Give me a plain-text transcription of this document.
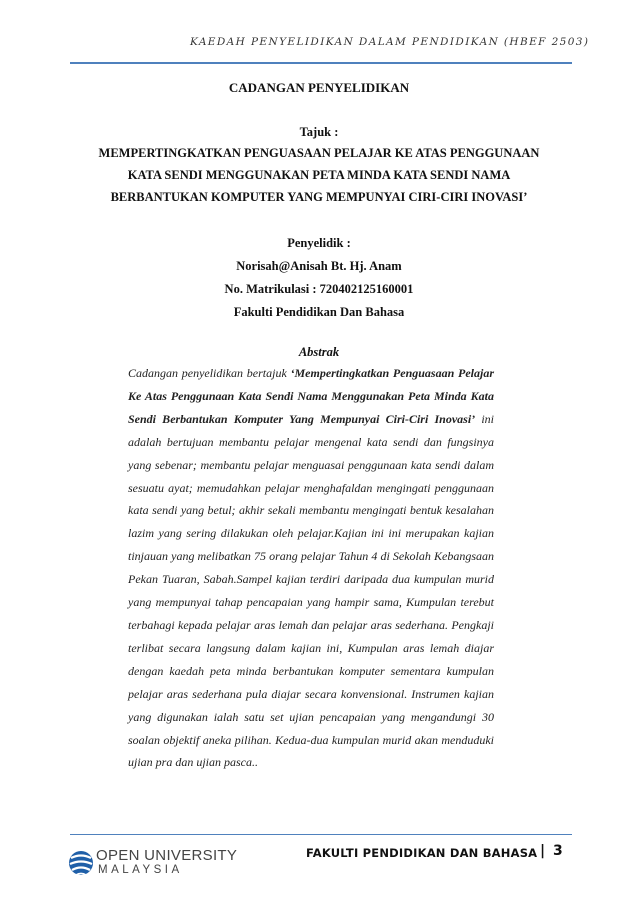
KAEDAH PENYELIDIKAN DALAM PENDIDIKAN (HBEF 2503)
CADANGAN PENYELIDIKAN
Tajuk :
MEMPERTINGKATKAN PENGUASAAN PELAJAR KE ATAS PENGGUNAAN
KATA SENDI MENGGUNAKAN PETA MINDA KATA SENDI NAMA
BERBANTUKAN KOMPUTER YANG MEMPUNYAI CIRI-CIRI INOVASI’
Penyelidik :
Norisah@Anisah Bt. Hj. Anam
No. Matrikulasi : 720402125160001
Fakulti Pendidikan Dan Bahasa
Abstrak
Cadangan penyelidikan bertajuk ‘Mempertingkatkan Penguasaan Pelajar Ke Atas Penggunaan Kata Sendi Nama Menggunakan Peta Minda Kata Sendi Berbantukan Komputer Yang Mempunyai Ciri-Ciri Inovasi’ ini adalah bertujuan membantu pelajar mengenal kata sendi dan fungsinya yang sebenar; membantu pelajar menguasai penggunaan kata sendi dalam sesuatu ayat; memudahkan pelajar menghafaldan mengingati penggunaan kata sendi yang betul; akhir sekali membantu mengingati bentuk kesalahan lazim yang sering dilakukan oleh pelajar.Kajian ini ini merupakan kajian tinjauan yang melibatkan 75 orang pelajar Tahun 4 di Sekolah Kebangsaan Pekan Tuaran, Sabah.Sampel kajian terdiri daripada dua kumpulan murid yang mempunyai tahap pencapaian yang hampir sama, Kumpulan terebut terbahagi kepada pelajar aras lemah dan pelajar aras sederhana. Pengkaji terlibat secara langsung dalam kajian ini, Kumpulan aras lemah diajar dengan kaedah peta minda berbantukan komputer sementara kumpulan pelajar aras sederhana pula diajar secara konvensional. Instrumen kajian yang digunakan ialah satu set ujian pencapaian yang mengandungi 30 soalan objektif aneka pilihan. Kedua-dua kumpulan murid akan menduduki ujian pra dan ujian pasca..
OPEN UNIVERSITY
MALAYSIA
FAKULTI PENDIDIKAN DAN BAHASA | 3
